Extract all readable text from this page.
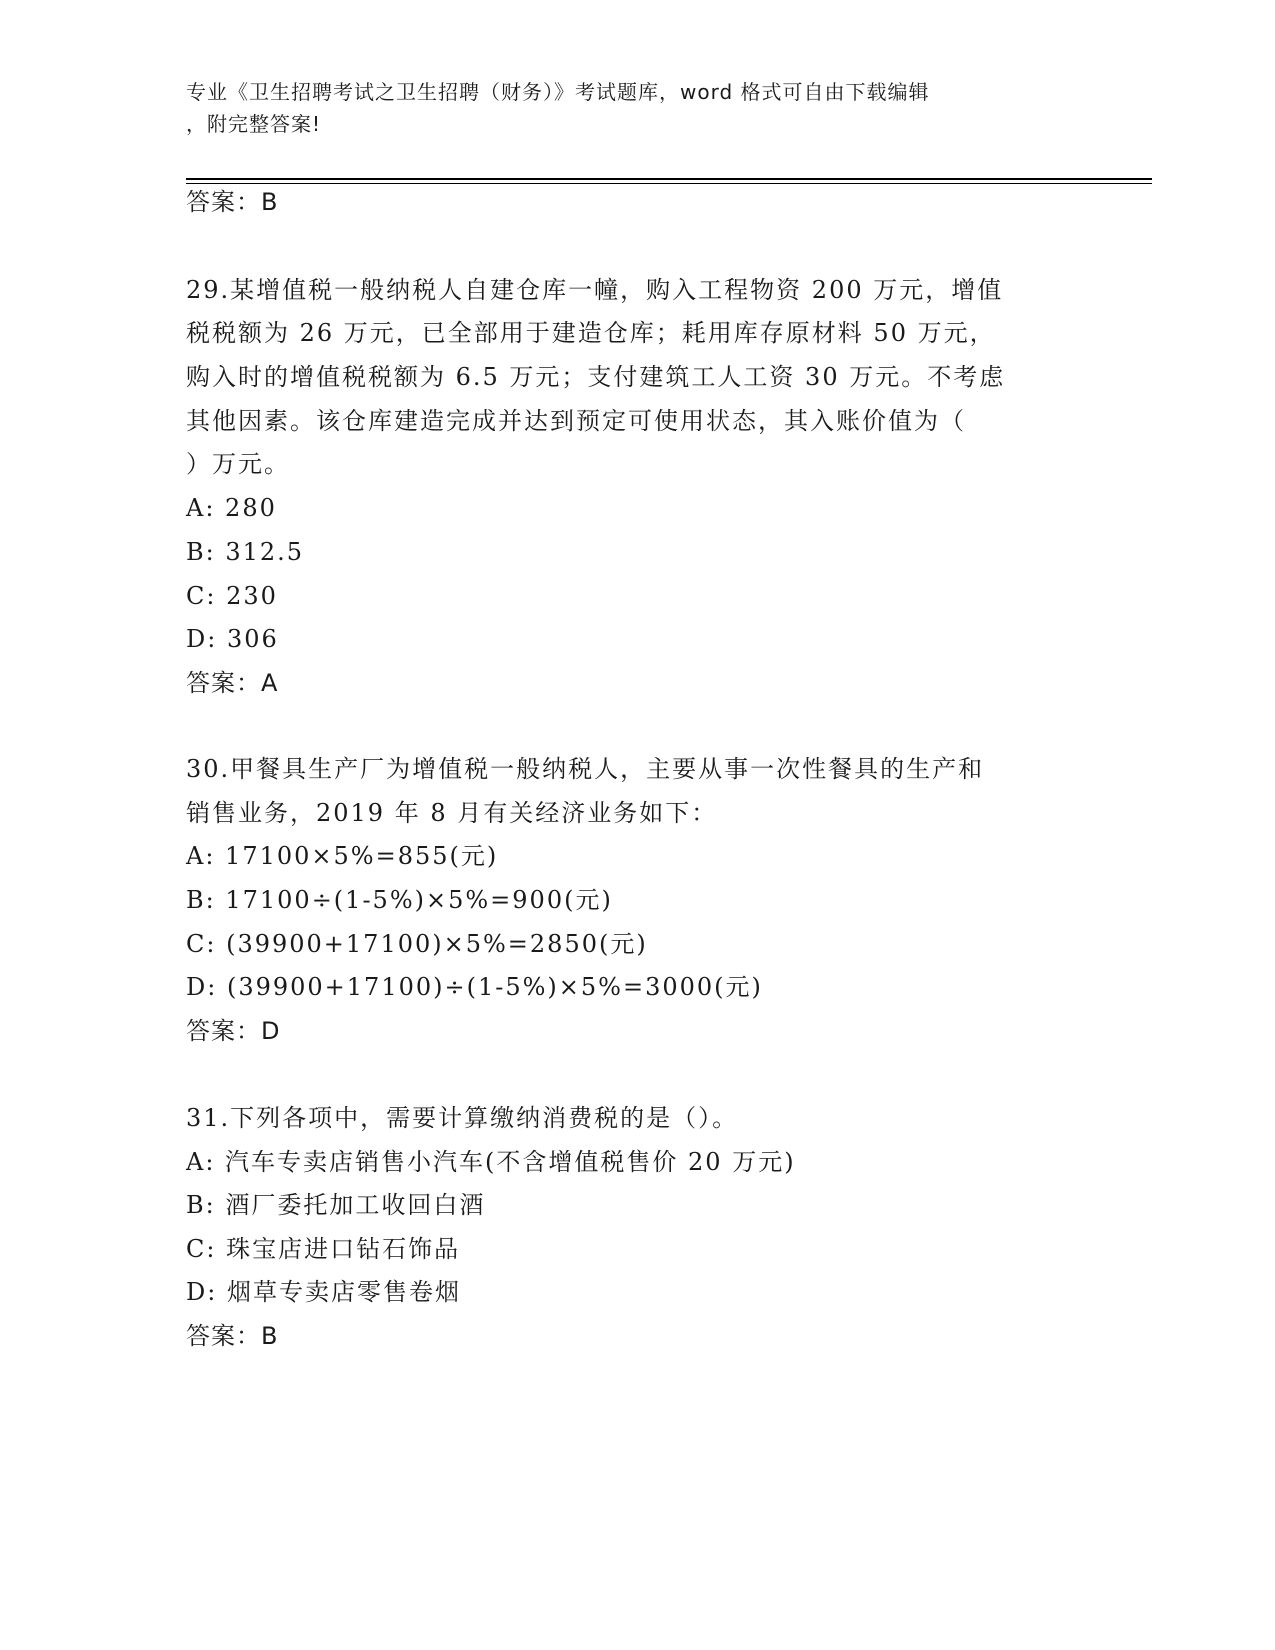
专业《卫生招聘考试之卫生招聘（财务）》考试题库，word 格式可自由下载编辑
，附完整答案!
答案：B
29.某增值税一般纳税人自建仓库一幢，购入工程物资 200 万元，增值
税税额为 26 万元，已全部用于建造仓库；耗用库存原材料 50 万元，
购入时的增值税税额为 6.5 万元；支付建筑工人工资 30 万元。不考虑
其他因素。该仓库建造完成并达到预定可使用状态，其入账价值为（
）万元。
A: 280
B: 312.5
C: 230
D: 306
答案：A
30.甲餐具生产厂为增值税一般纳税人，主要从事一次性餐具的生产和
销售业务，2019 年 8 月有关经济业务如下：
A: 17100×5%=855(元)
B: 17100÷(1-5%)×5%=900(元)
C: (39900+17100)×5%=2850(元)
D: (39900+17100)÷(1-5%)×5%=3000(元)
答案：D
31.下列各项中，需要计算缴纳消费税的是（）。
A: 汽车专卖店销售小汽车(不含增值税售价 20 万元)
B: 酒厂委托加工收回白酒
C: 珠宝店进口钻石饰品
D: 烟草专卖店零售卷烟
答案：B
